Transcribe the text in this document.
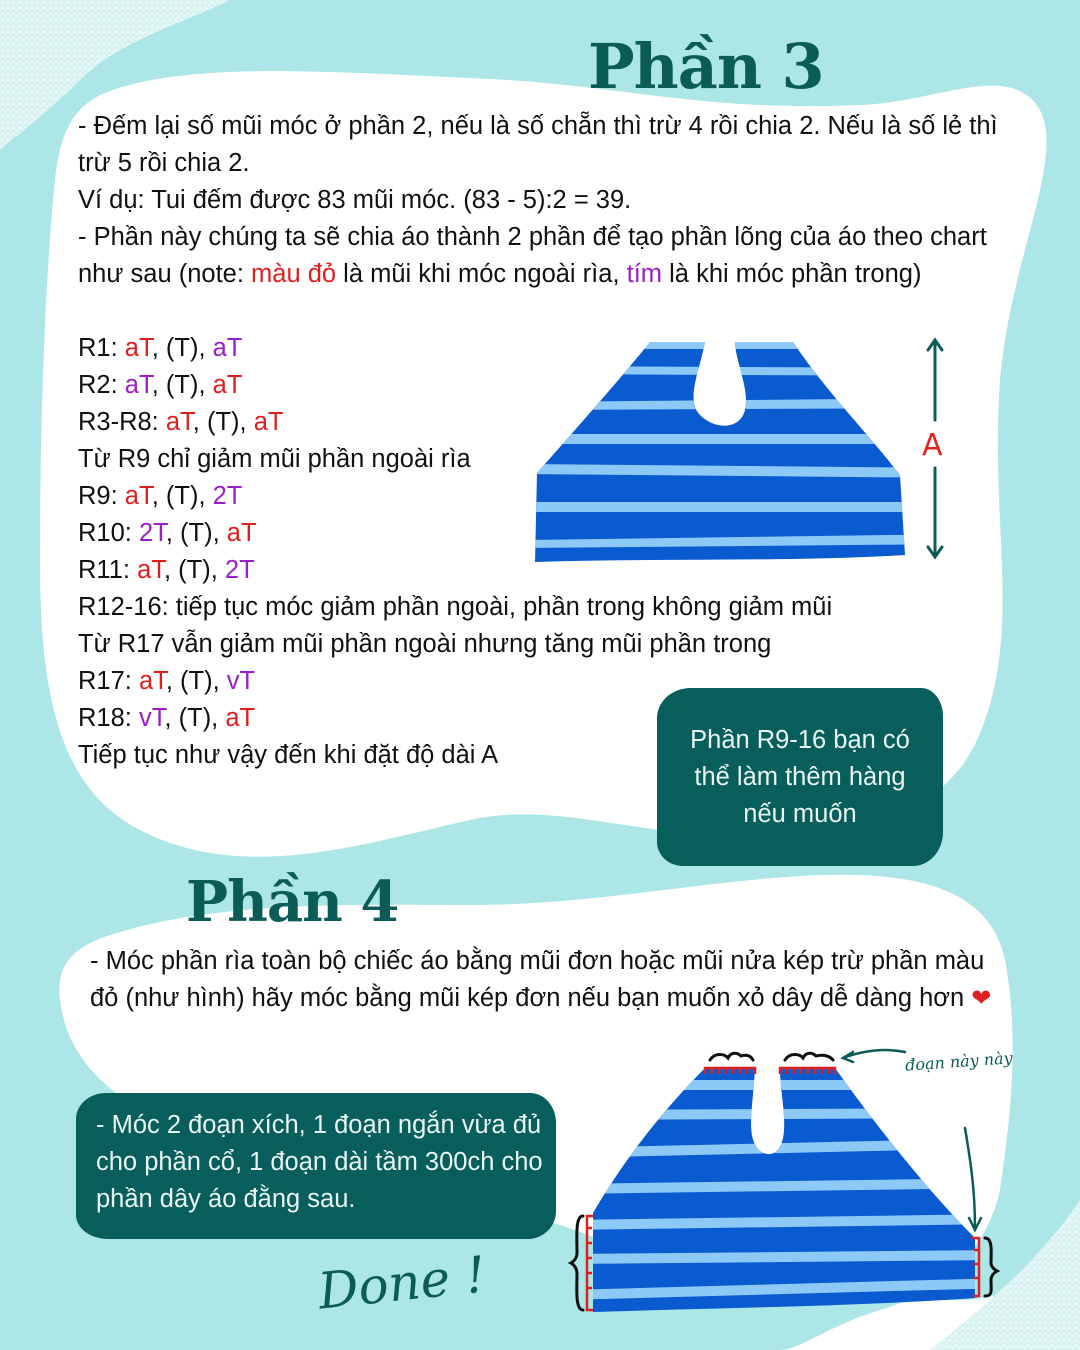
Phần 3

- Đếm lại số mũi móc ở phần 2, nếu là số chẵn thì trừ 4 rồi chia 2. Nếu là số lẻ thì trừ 5 rồi chia 2.

Ví dụ: Tui đếm được 83 mũi móc. (83 - 5):2 = 39.

- Phần này chúng ta sẽ chia áo thành 2 phần để tạo phần lõng của áo theo chart như sau (note: màu đỏ là mũi khi móc ngoài rìa, tím là khi móc phần trong)

R1: aT, (T), aT

R2: aT, (T), aT

R3-R8: aT, (T), aT

Từ R9 chỉ giảm mũi phần ngoài rìa

R9: aT, (T), 2T

R10: 2T, (T), aT

R11: aT, (T), 2T

R12-16: tiếp tục móc giảm phần ngoài, phần trong không giảm mũi

Từ R17 vẫn giảm mũi phần ngoài nhưng tăng mũi phần trong

R17: aT, (T), vT

R18: vT, (T), aT

Tiếp tục như vậy đến khi đặt độ dài A

A
Phần R9-16 bạn có thể làm thêm hàng nếu muốn
Phần 4

- Móc phần rìa toàn bộ chiếc áo bằng mũi đơn hoặc mũi nửa kép trừ phần màu đỏ (như hình) hãy móc bằng mũi kép đơn nếu bạn muốn xỏ dây dễ dàng hơn ❤

- Móc 2 đoạn xích, 1 đoạn ngắn vừa đủ cho phần cổ, 1 đoạn dài tầm 300ch cho phần dây áo đằng sau.
đoạn này này
Done !
